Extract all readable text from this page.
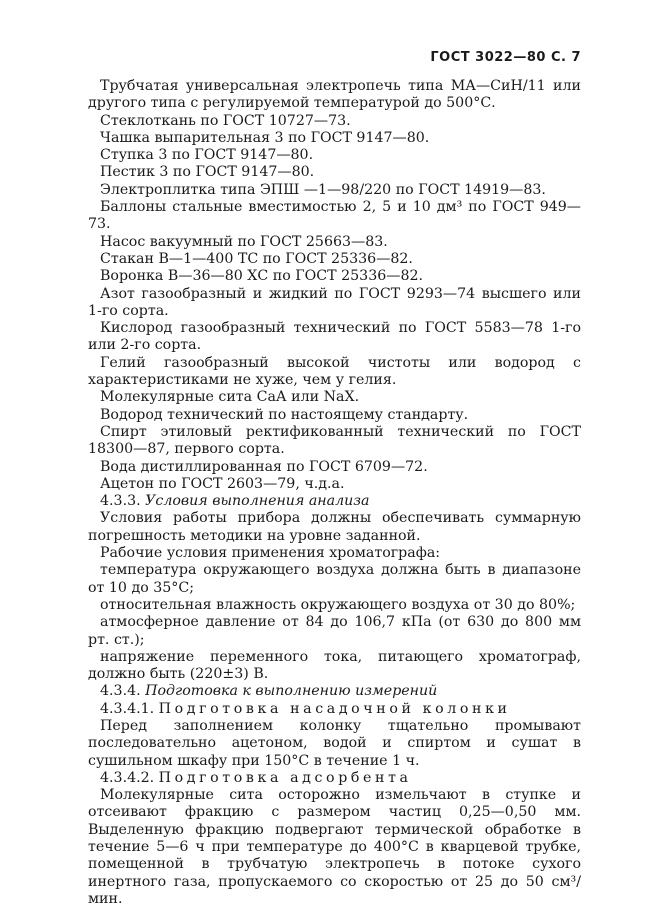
ГОСТ 3022—80 С. 7

Трубчатая универсальная электропечь типа МА—СиН/11 или другого типа с регулируемой температурой до 500°С.

Стеклоткань по ГОСТ 10727—73.

Чашка выпарительная 3 по ГОСТ 9147—80.

Ступка 3 по ГОСТ 9147—80.

Пестик 3 по ГОСТ 9147—80.

Электроплитка типа ЭПШ —1—98/220 по ГОСТ 14919—83.

Баллоны стальные вместимостью 2, 5 и 10 дм³ по ГОСТ 949—73.

Насос вакуумный по ГОСТ 25663—83.

Стакан В—1—400 ТС по ГОСТ 25336—82.

Воронка В—36—80 ХС по ГОСТ 25336—82.

Азот газообразный и жидкий по ГОСТ 9293—74 высшего или 1-го сорта.

Кислород газообразный технический по ГОСТ 5583—78 1-го или 2-го сорта.

Гелий газообразный высокой чистоты или водород с характеристиками не хуже, чем у гелия.

Молекулярные сита СаА или NaX.

Водород технический по настоящему стандарту.

Спирт этиловый ректификованный технический по ГОСТ 18300—87, первого сорта.

Вода дистиллированная по ГОСТ 6709—72.

Ацетон по ГОСТ 2603—79, ч.д.а.

4.3.3. Условия выполнения анализа

Условия работы прибора должны обеспечивать суммарную погрешность методики на уровне заданной.

Рабочие условия применения хроматографа:

температура окружающего воздуха должна быть в диапазоне от 10 до 35°С;

относительная влажность окружающего воздуха от 30 до 80%;

атмосферное давление от 84 до 106,7 кПа (от 630 до 800 мм рт. ст.);

напряжение переменного тока, питающего хроматограф, должно быть (220±3) В.

4.3.4. Подготовка к выполнению измерений

4.3.4.1. Подготовка насадочной колонки

Перед заполнением колонку тщательно промывают последовательно ацетоном, водой и спиртом и сушат в сушильном шкафу при 150°С в течение 1 ч.

4.3.4.2. Подготовка адсорбента

Молекулярные сита осторожно измельчают в ступке и отсеивают фракцию с размером частиц 0,25—0,50 мм. Выделенную фракцию подвергают термической обработке в течение 5—6 ч при температуре до 400°С в кварцевой трубке, помещенной в трубчатую электропечь в потоке сухого инертного газа, пропускаемого со скоростью от 25 до 50 см³/мин.
